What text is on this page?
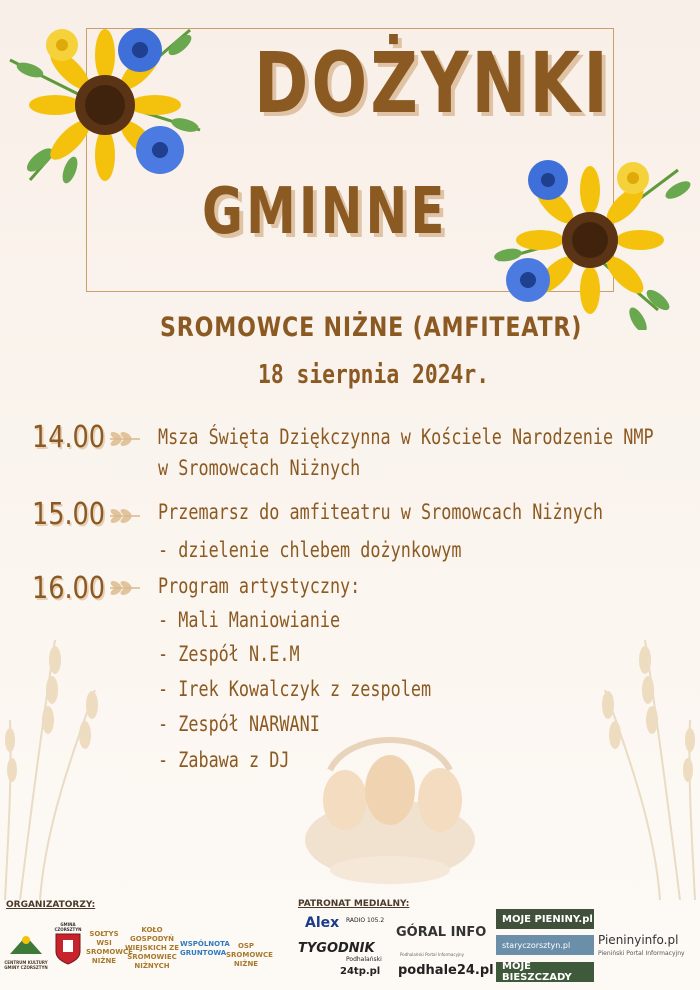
DOŻYNKI
GMINNE
SROMOWCE NIŻNE (AMFITEATR)
18 sierpnia 2024r.
14.00	Msza Święta Dziękczynna w Kościele Narodzenie NMP
w Sromowcach Niżnych
15.00	Przemarsz do amfiteatru w Sromowcach Niżnych
- dzielenie chlebem dożynkowym
16.00	Program artystyczny:
- Mali Maniowianie
- Zespół N.E.M
- Irek Kowalczyk z zespolem
- Zespół NARWANI
- Zabawa z DJ
ORGANIZATORZY:
CENTRUM KULTURY GMINY CZORSZTYN
GMINA CZORSZTYN
SOŁTYS WSI SROMOWCE NIŻNE
KOŁO GOSPODYŃ WIEJSKICH ZE SROMOWIEC NIŻNYCH
WSPÓLNOTA GRUNTOWA
OSP SROMOWCE NIŻNE
PATRONAT MEDIALNY:
Alex RADIO 105.2
TYGODNIK
Podhalański
24tp.pl
GÓRAL INFO
Podhalański Portal Informacyjny
podhale24.pl
MOJE PIENINY.pl
staryczorsztyn.pl
MOJE BIESZCZADY
Pieninyinfo.pl
Pieniński Portal Informacyjny
